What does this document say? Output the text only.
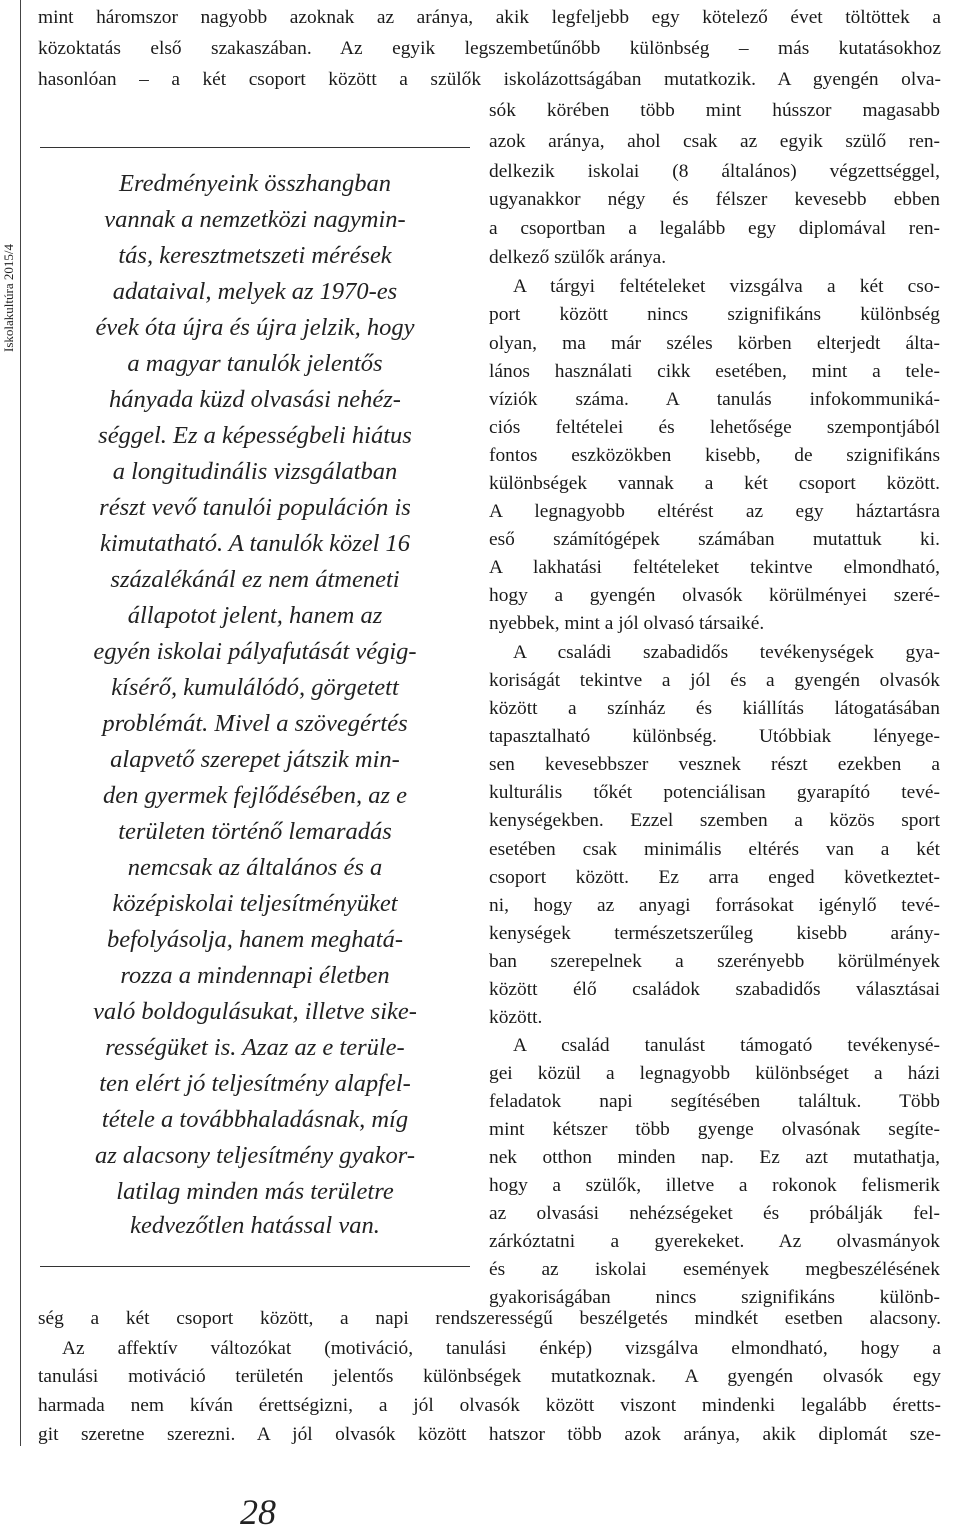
Iskolakultúra 2015/4
mint háromszor nagyobb azoknak az aránya, akik legfeljebb egy kötelező évet töltöttek a
közoktatás első szakaszában. Az egyik legszembetűnőbb különbség – más kutatásokhoz
hasonlóan – a két csoport között a szülők iskolázottságában mutatkozik. A gyengén olva-
sók körében több mint hússzor magasabb
azok aránya, ahol csak az egyik szülő ren-
delkezik iskolai (8 általános) végzettséggel,
ugyanakkor négy és félszer kevesebb ebben
a csoportban a legalább egy diplomával ren-
delkező szülők aránya.
A tárgyi feltételeket vizsgálva a két cso-
port között nincs szignifikáns különbség
olyan, ma már széles körben elterjedt álta-
lános használati cikk esetében, mint a tele-
víziók száma. A tanulás infokommuniká-
ciós feltételei és lehetősége szempontjából
fontos eszközökben kisebb, de szignifikáns
különbségek vannak a két csoport között.
A legnagyobb eltérést az egy háztartásra
eső számítógépek számában mutattuk ki.
A lakhatási feltételeket tekintve elmondható,
hogy a gyengén olvasók körülményei szeré-
nyebbek, mint a jól olvasó társaiké.
A családi szabadidős tevékenységek gya-
koriságát tekintve a jól és a gyengén olvasók
között a színház és kiállítás látogatásában
tapasztalható különbség. Utóbbiak lényege-
sen kevesebbszer vesznek részt ezekben a
kulturális tőkét potenciálisan gyarapító tevé-
kenységekben. Ezzel szemben a közös sport
esetében csak minimális eltérés van a két
csoport között. Ez arra enged következtet-
ni, hogy az anyagi forrásokat igénylő tevé-
kenységek természetszerűleg kisebb arány-
ban szerepelnek a szerényebb körülmények
között élő családok szabadidős választásai
között.
A család tanulást támogató tevékenysé-
gei közül a legnagyobb különbséget a házi
feladatok napi segítésében találtuk. Több
mint kétszer több gyenge olvasónak segíte-
nek otthon minden nap. Ez azt mutathatja,
hogy a szülők, illetve a rokonok felismerik
az olvasási nehézségeket és próbálják fel-
zárkóztatni a gyerekeket. Az olvasmányok
és az iskolai események megbeszélésének
gyakoriságában nincs szignifikáns különb-
Eredményeink összhangban
vannak a nemzetközi nagymin-
tás, keresztmetszeti mérések
adataival, melyek az 1970-es
évek óta újra és újra jelzik, hogy
a magyar tanulók jelentős
hányada küzd olvasási nehéz-
séggel. Ez a képességbeli hiátus
a longitudinális vizsgálatban
részt vevő tanulói populáción is
kimutatható. A tanulók közel 16
százalékánál ez nem átmeneti
állapotot jelent, hanem az
egyén iskolai pályafutását végig-
kísérő, kumulálódó, görgetett
problémát. Mivel a szövegértés
alapvető szerepet játszik min-
den gyermek fejlődésében, az e
területen történő lemaradás
nemcsak az általános és a
középiskolai teljesítményüket
befolyásolja, hanem meghatá-
rozza a mindennapi életben
való boldogulásukat, illetve sike-
rességüket is. Azaz az e terüle-
ten elért jó teljesítmény alapfel-
tétele a továbbhaladásnak, míg
az alacsony teljesítmény gyakor-
latilag minden más területre
kedvezőtlen hatással van.
ség a két csoport között, a napi rendszerességű beszélgetés mindkét esetben alacsony.
Az affektív változókat (motiváció, tanulási énkép) vizsgálva elmondható, hogy a
tanulási motiváció területén jelentős különbségek mutatkoznak. A gyengén olvasók egy
harmada nem kíván érettségizni, a jól olvasók között viszont mindenki legalább éretts-
git szeretne szerezni. A jól olvasók között hatszor több azok aránya, akik diplomát sze-
28
